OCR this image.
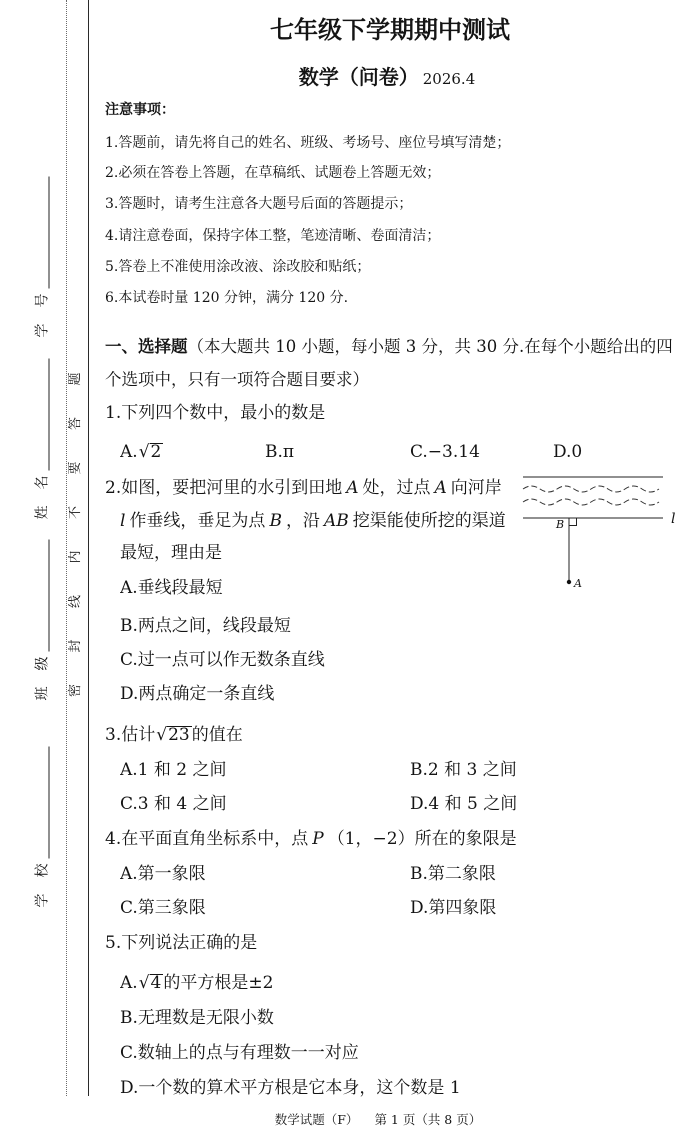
学号
姓名
班级
学校
密封线内不要答题
七年级下学期期中测试
数学（问卷） 2026.4
注意事项：
1.答题前，请先将自己的姓名、班级、考场号、座位号填写清楚；
2.必须在答卷上答题，在草稿纸、试题卷上答题无效；
3.答题时，请考生注意各大题号后面的答题提示；
4.请注意卷面，保持字体工整，笔迹清晰、卷面清洁；
5.答卷上不准使用涂改液、涂改胶和贴纸；
6.本试卷时量 120 分钟，满分 120 分.
一、选择题（本大题共 10 小题，每小题 3 分，共 30 分.在每个小题给出的四
个选项中，只有一项符合题目要求）
1.下列四个数中，最小的数是
A.√2	B.π	C.−3.14	D.0
2.如图，要把河里的水引到田地 A 处，过点 A 向河岸
l 作垂线，垂足为点 B ，沿 AB 挖渠能使所挖的渠道
最短，理由是
A.垂线段最短
B.两点之间，线段最短
C.过一点可以作无数条直线
D.两点确定一条直线
l
B
A
3.估计√23 的值在
A.1 和 2 之间	B.2 和 3 之间
C.3 和 4 之间	D.4 和 5 之间
4.在平面直角坐标系中，点 P （1，−2）所在的象限是
A.第一象限	B.第二象限
C.第三象限	D.第四象限
5.下列说法正确的是
A.√4 的平方根是±2
B.无理数是无限小数
C.数轴上的点与有理数一一对应
D.一个数的算术平方根是它本身，这个数是 1
数学试题（F） 第 1 页（共 8 页）
